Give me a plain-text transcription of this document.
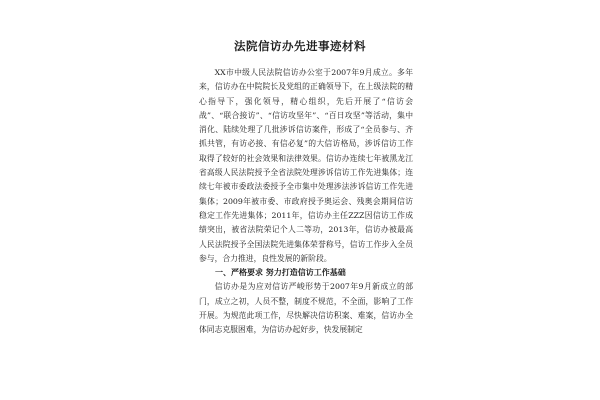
法院信访办先进事迹材料

XX市中级人民法院信访办公室于2007年9月成立。多年来，信访办在中院院长及党组的正确领导下，在上级法院的精心指导下，强化领导，精心组织，先后开展了“信访会战”、“联合接访”、“信访攻坚年”、“百日攻坚”等活动，集中消化、陆续处理了几批涉诉信访案件，形成了“全员参与、齐抓共管，有访必接、有信必复”的大信访格局，涉诉信访工作取得了较好的社会效果和法律效果。信访办连续七年被黑龙江省高级人民法院授予全省法院处理涉诉信访工作先进集体；连续七年被市委政法委授予全市集中处理涉法涉诉信访工作先进集体；2009年被市委、市政府授予奥运会、残奥会期间信访稳定工作先进集体；2011年，信访办主任ZZZ因信访工作成绩突出，被省法院荣记个人二等功，2013年，信访办被最高人民法院授予全国法院先进集体荣誉称号，信访工作步入全员参与，合力推进，良性发展的新阶段。

一、严格要求 努力打造信访工作基础

信访办是为应对信访严峻形势于2007年9月新成立的部门，成立之初，人员不整，制度不规范，不全面，影响了工作开展。为规范此项工作，尽快解决信访积案、难案，信访办全体同志克服困难，为信访办起好步，快发展制定
